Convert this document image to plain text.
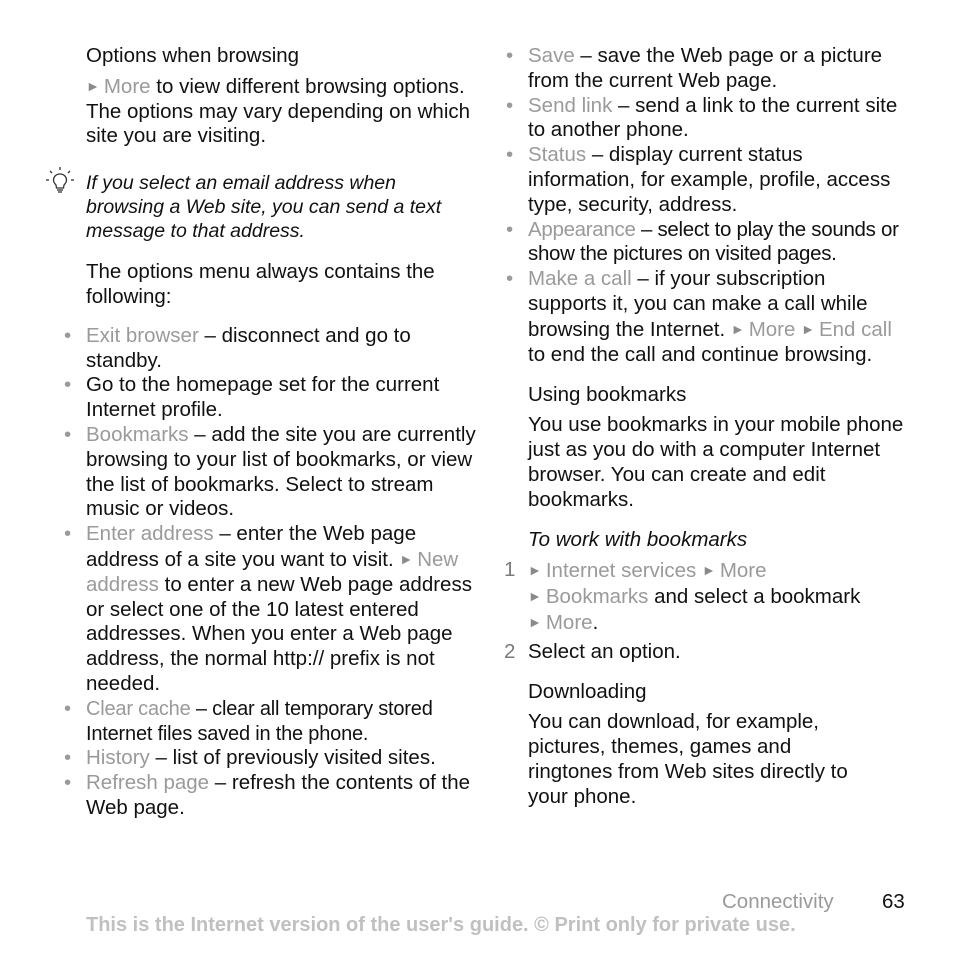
Options when browsing

► More to view different browsing options. The options may vary depending on which site you are visiting.

If you select an email address when browsing a Web site, you can send a text message to that address.

The options menu always contains the following:

• Exit browser – disconnect and go to standby.
• Go to the homepage set for the current Internet profile.
• Bookmarks – add the site you are currently browsing to your list of bookmarks, or view the list of bookmarks. Select to stream music or videos.
• Enter address – enter the Web page address of a site you want to visit. ► New address to enter a new Web page address or select one of the 10 latest entered addresses. When you enter a Web page address, the normal http:// prefix is not needed.
• Clear cache – clear all temporary stored Internet files saved in the phone.
• History – list of previously visited sites.
• Refresh page – refresh the contents of the Web page.
• Save – save the Web page or a picture from the current Web page.
• Send link – send a link to the current site to another phone.
• Status – display current status information, for example, profile, access type, security, address.
• Appearance – select to play the sounds or show the pictures on visited pages.
• Make a call – if your subscription supports it, you can make a call while browsing the Internet. ► More ► End call to end the call and continue browsing.

Using bookmarks

You use bookmarks in your mobile phone just as you do with a computer Internet browser. You can create and edit bookmarks.

To work with bookmarks

1 ► Internet services ► More
► Bookmarks and select a bookmark
► More.
2 Select an option.

Downloading

You can download, for example, pictures, themes, games and ringtones from Web sites directly to your phone.

Connectivity 63
This is the Internet version of the user's guide. © Print only for private use.
